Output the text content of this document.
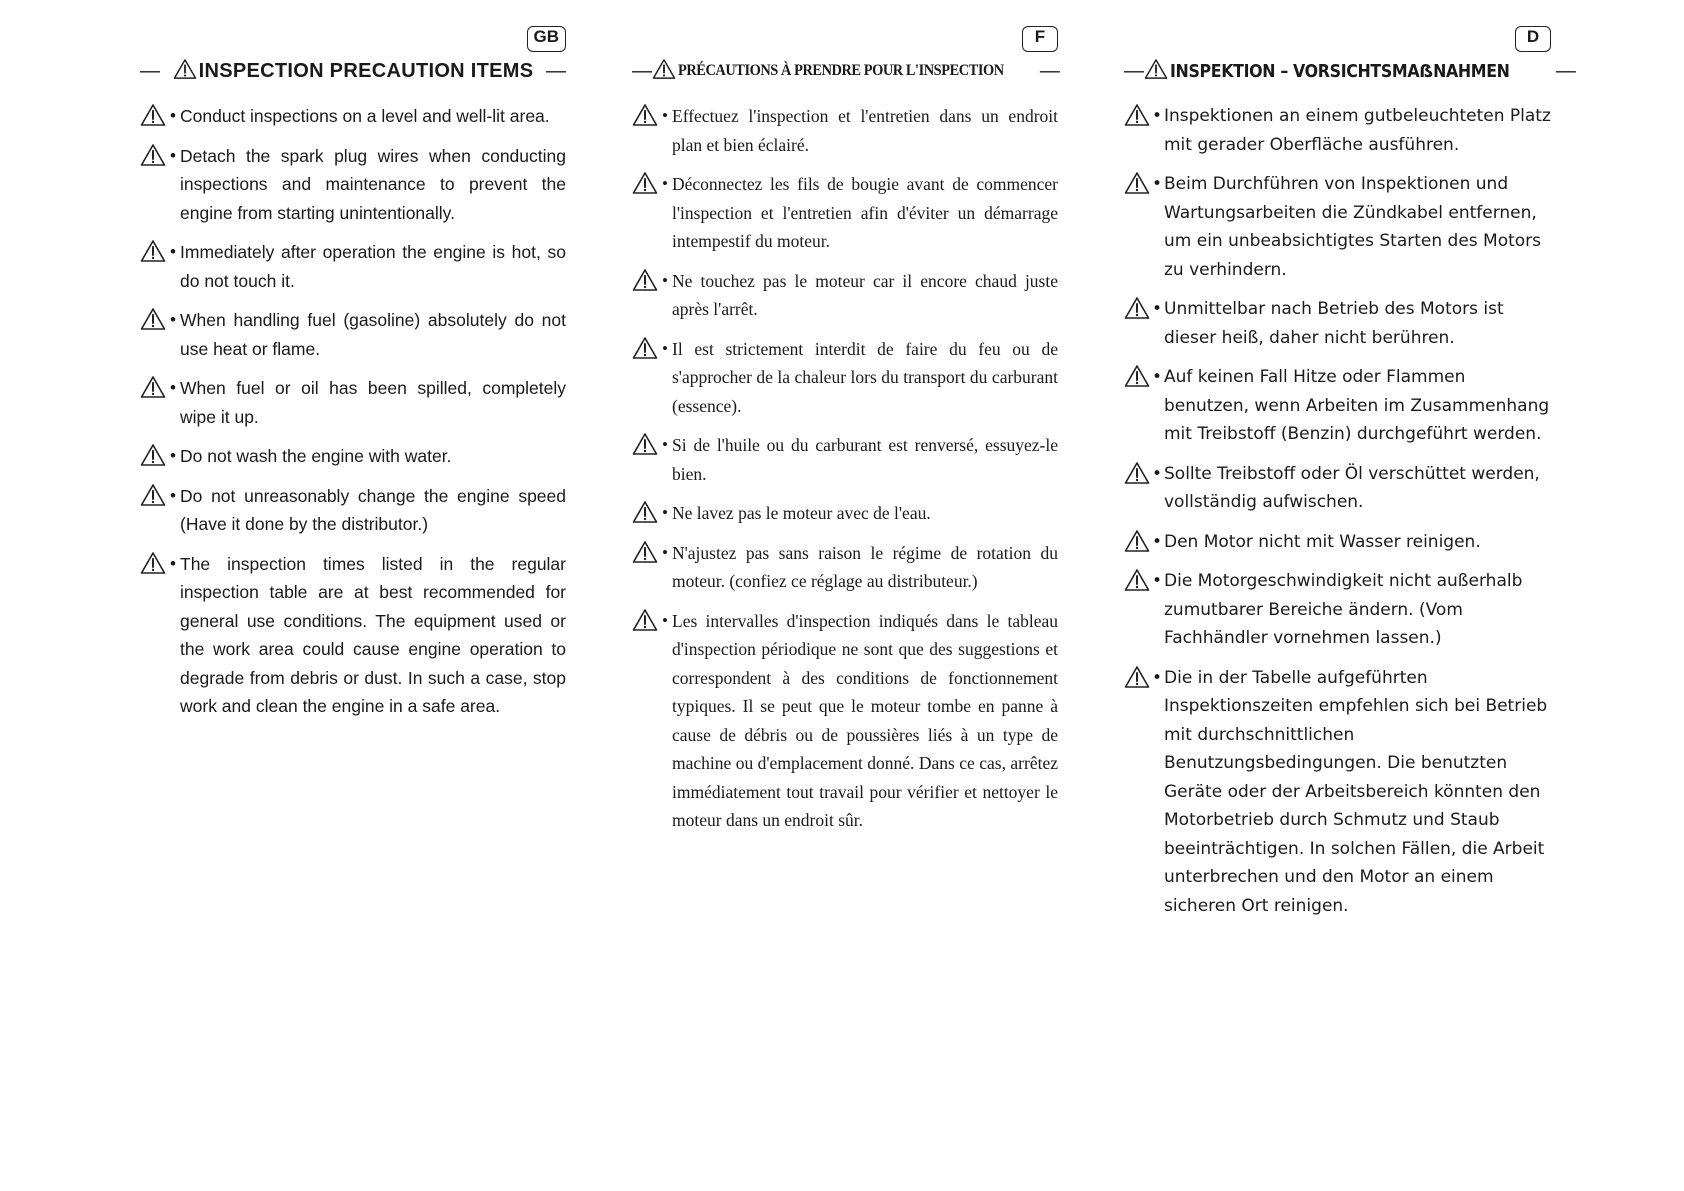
GB
— INSPECTION PRECAUTION ITEMS —
• Conduct inspections on a level and well-lit area.
• Detach the spark plug wires when conducting inspections and maintenance to prevent the engine from starting unintentionally.
• Immediately after operation the engine is hot, so do not touch it.
• When handling fuel (gasoline) absolutely do not use heat or flame.
• When fuel or oil has been spilled, completely wipe it up.
• Do not wash the engine with water.
• Do not unreasonably change the engine speed (Have it done by the distributor.)
• The inspection times listed in the regular inspection table are at best recommended for general use conditions. The equipment used or the work area could cause engine operation to degrade from debris or dust. In such a case, stop work and clean the engine in a safe area.
F
— PRÉCAUTIONS À PRENDRE POUR L'INSPECTION —
• Effectuez l'inspection et l'entretien dans un endroit plan et bien éclairé.
• Déconnectez les fils de bougie avant de commencer l'inspection et l'entretien afin d'éviter un démarrage intempestif du moteur.
• Ne touchez pas le moteur car il encore chaud juste après l'arrêt.
• Il est strictement interdit de faire du feu ou de s'approcher de la chaleur lors du transport du carburant (essence).
• Si de l'huile ou du carburant est renversé, essuyez-le bien.
• Ne lavez pas le moteur avec de l'eau.
• N'ajustez pas sans raison le régime de rotation du moteur. (confiez ce réglage au distributeur.)
• Les intervalles d'inspection indiqués dans le tableau d'inspection périodique ne sont que des suggestions et correspondent à des conditions de fonctionnement typiques. Il se peut que le moteur tombe en panne à cause de débris ou de poussières liés à un type de machine ou d'emplacement donné. Dans ce cas, arrêtez immédiatement tout travail pour vérifier et nettoyer le moteur dans un endroit sûr.
D
— INSPEKTION – VORSICHTSMAẞNAHMEN —
• Inspektionen an einem gutbeleuchteten Platz mit gerader Oberfläche ausführen.
• Beim Durchführen von Inspektionen und Wartungsarbeiten die Zündkabel entfernen, um ein unbeabsichtigtes Starten des Motors zu verhindern.
• Unmittelbar nach Betrieb des Motors ist dieser heiß, daher nicht berühren.
• Auf keinen Fall Hitze oder Flammen benutzen, wenn Arbeiten im Zusammenhang mit Treibstoff (Benzin) durchgeführt werden.
• Sollte Treibstoff oder Öl verschüttet werden, vollständig aufwischen.
• Den Motor nicht mit Wasser reinigen.
• Die Motorgeschwindigkeit nicht außerhalb zumutbarer Bereiche ändern. (Vom Fachhändler vornehmen lassen.)
• Die in der Tabelle aufgeführten Inspektionszeiten empfehlen sich bei Betrieb mit durchschnittlichen Benutzungsbedingungen. Die benutzten Geräte oder der Arbeitsbereich könnten den Motorbetrieb durch Schmutz und Staub beeinträchtigen. In solchen Fällen, die Arbeit unterbrechen und den Motor an einem sicheren Ort reinigen.
